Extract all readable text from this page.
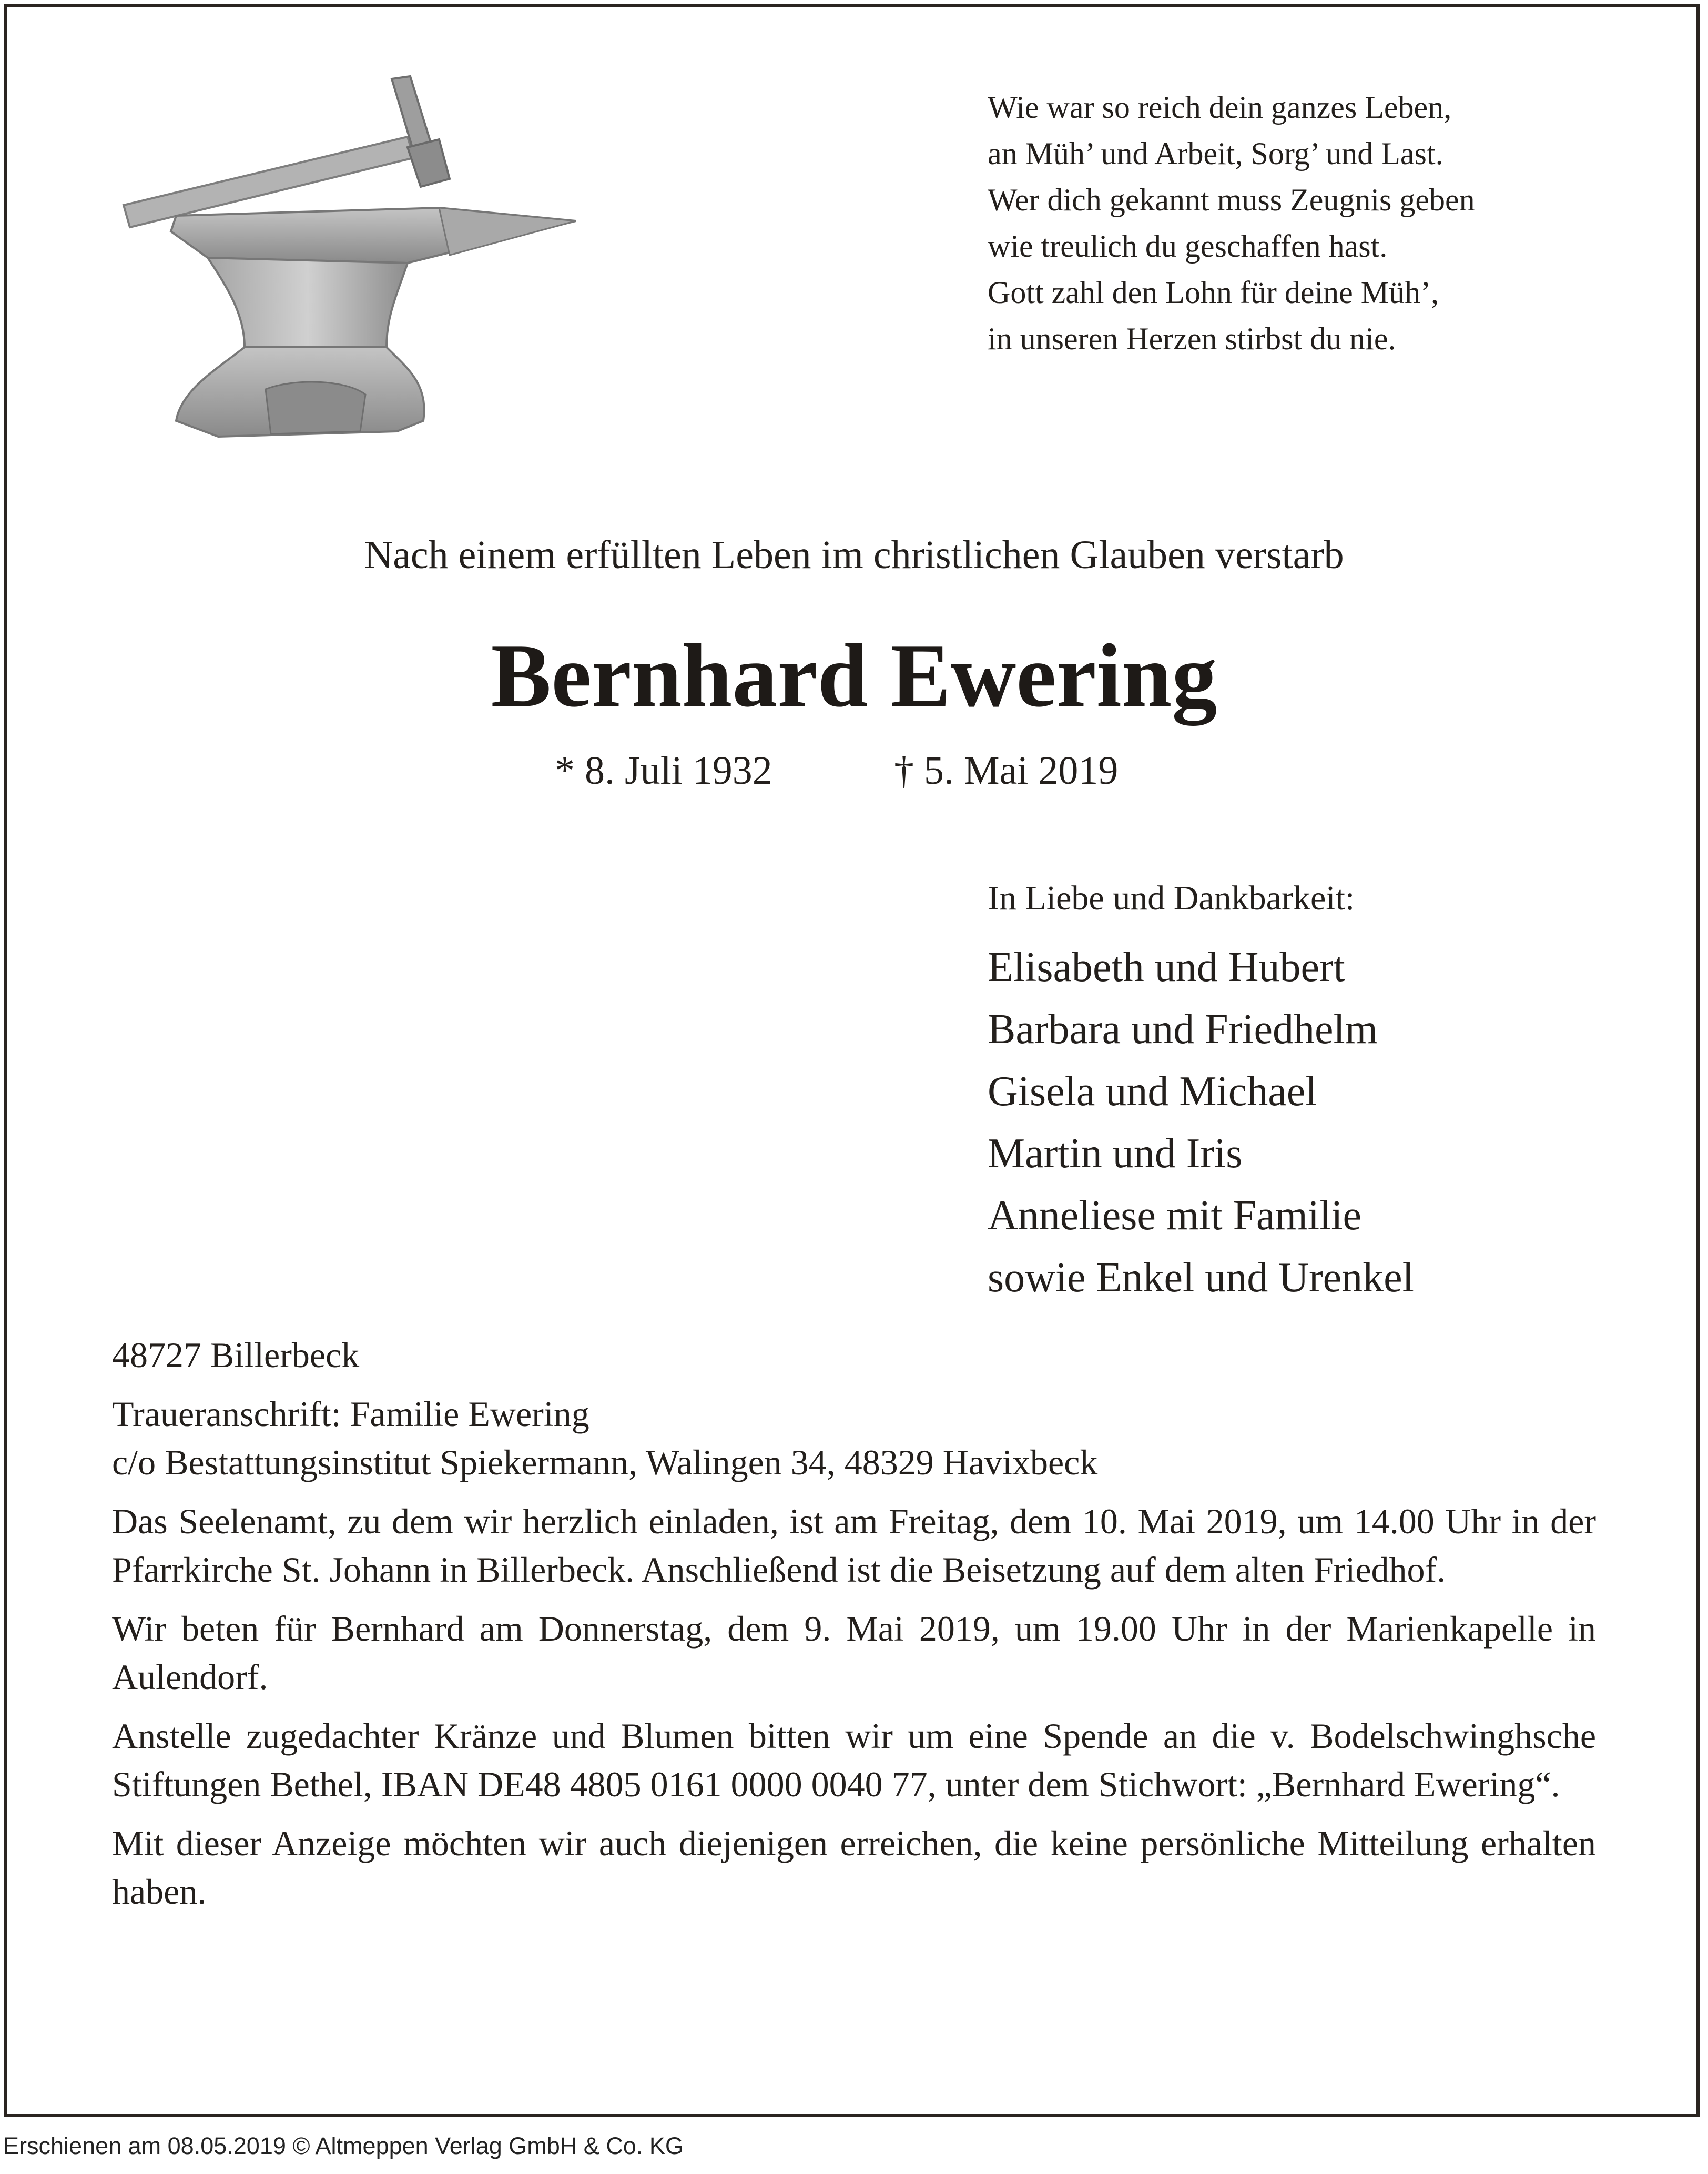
Wie war so reich dein ganzes Leben,
an Müh’ und Arbeit, Sorg’ und Last.
Wer dich gekannt muss Zeugnis geben
wie treulich du geschaffen hast.
Gott zahl den Lohn für deine Müh’,
in unseren Herzen stirbst du nie.
Nach einem erfüllten Leben im christlichen Glauben verstarb
Bernhard Ewering
* 8. Juli 1932	† 5. Mai 2019
In Liebe und Dankbarkeit:
Elisabeth und Hubert
Barbara und Friedhelm
Gisela und Michael
Martin und Iris
Anneliese mit Familie
sowie Enkel und Urenkel

48727 Billerbeck

Traueranschrift: Familie Ewering
c/o Bestattungsinstitut Spiekermann, Walingen 34, 48329 Havixbeck

Das Seelenamt, zu dem wir herzlich einladen, ist am Freitag, dem 10. Mai 2019, um 14.00 Uhr in der Pfarrkirche St. Johann in Billerbeck. Anschließend ist die Beisetzung auf dem alten Friedhof.

Wir beten für Bernhard am Donnerstag, dem 9. Mai 2019, um 19.00 Uhr in der Marienkapelle in Aulendorf.

Anstelle zugedachter Kränze und Blumen bitten wir um eine Spende an die v. Bodelschwinghsche Stiftungen Bethel, IBAN DE48 4805 0161 0000 0040 77, unter dem Stichwort: „Bernhard Ewering“.

Mit dieser Anzeige möchten wir auch diejenigen erreichen, die keine persönliche Mitteilung erhalten haben.

Erschienen am 08.05.2019 © Altmeppen Verlag GmbH & Co. KG
